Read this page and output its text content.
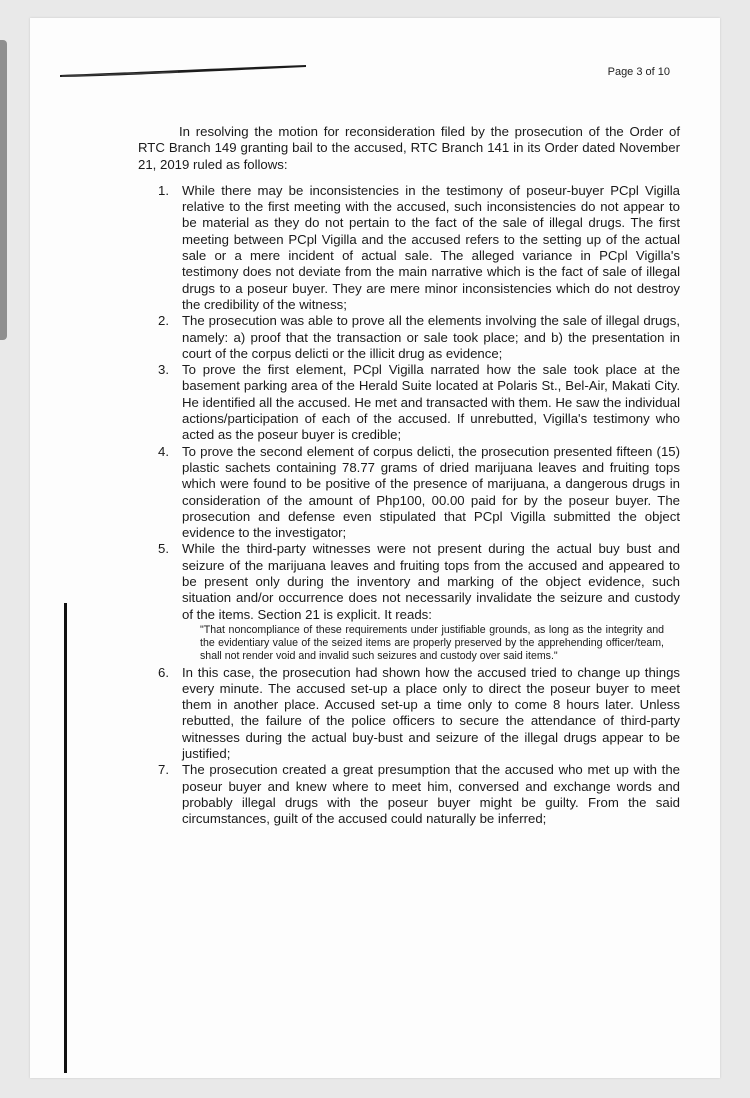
Page 3 of 10

In resolving the motion for reconsideration filed by the prosecution of the Order of RTC Branch 149 granting bail to the accused, RTC Branch 141 in its Order dated November 21, 2019 ruled as follows:

1. While there may be inconsistencies in the testimony of poseur-buyer PCpl Vigilla relative to the first meeting with the accused, such inconsistencies do not appear to be material as they do not pertain to the fact of the sale of illegal drugs. The first meeting between PCpl Vigilla and the accused refers to the setting up of the actual sale or a mere incident of actual sale. The alleged variance in PCpl Vigilla's testimony does not deviate from the main narrative which is the fact of sale of illegal drugs to a poseur buyer. They are mere minor inconsistencies which do not destroy the credibility of the witness;
2. The prosecution was able to prove all the elements involving the sale of illegal drugs, namely: a) proof that the transaction or sale took place; and b) the presentation in court of the corpus delicti or the illicit drug as evidence;
3. To prove the first element, PCpl Vigilla narrated how the sale took place at the basement parking area of the Herald Suite located at Polaris St., Bel-Air, Makati City. He identified all the accused. He met and transacted with them. He saw the individual actions/participation of each of the accused. If unrebutted, Vigilla's testimony who acted as the poseur buyer is credible;
4. To prove the second element of corpus delicti, the prosecution presented fifteen (15) plastic sachets containing 78.77 grams of dried marijuana leaves and fruiting tops which were found to be positive of the presence of marijuana, a dangerous drugs in consideration of the amount of Php100, 00.00 paid for by the poseur buyer. The prosecution and defense even stipulated that PCpl Vigilla submitted the object evidence to the investigator;
5. While the third-party witnesses were not present during the actual buy bust and seizure of the marijuana leaves and fruiting tops from the accused and appeared to be present only during the inventory and marking of the object evidence, such situation and/or occurrence does not necessarily invalidate the seizure and custody of the items. Section 21 is explicit. It reads:
"That noncompliance of these requirements under justifiable grounds, as long as the integrity and the evidentiary value of the seized items are properly preserved by the apprehending officer/team, shall not render void and invalid such seizures and custody over said items."
6. In this case, the prosecution had shown how the accused tried to change up things every minute. The accused set-up a place only to direct the poseur buyer to meet them in another place. Accused set-up a time only to come 8 hours later. Unless rebutted, the failure of the police officers to secure the attendance of third-party witnesses during the actual buy-bust and seizure of the illegal drugs appear to be justified;
7. The prosecution created a great presumption that the accused who met up with the poseur buyer and knew where to meet him, conversed and exchange words and probably illegal drugs with the poseur buyer might be guilty. From the said circumstances, guilt of the accused could naturally be inferred;
